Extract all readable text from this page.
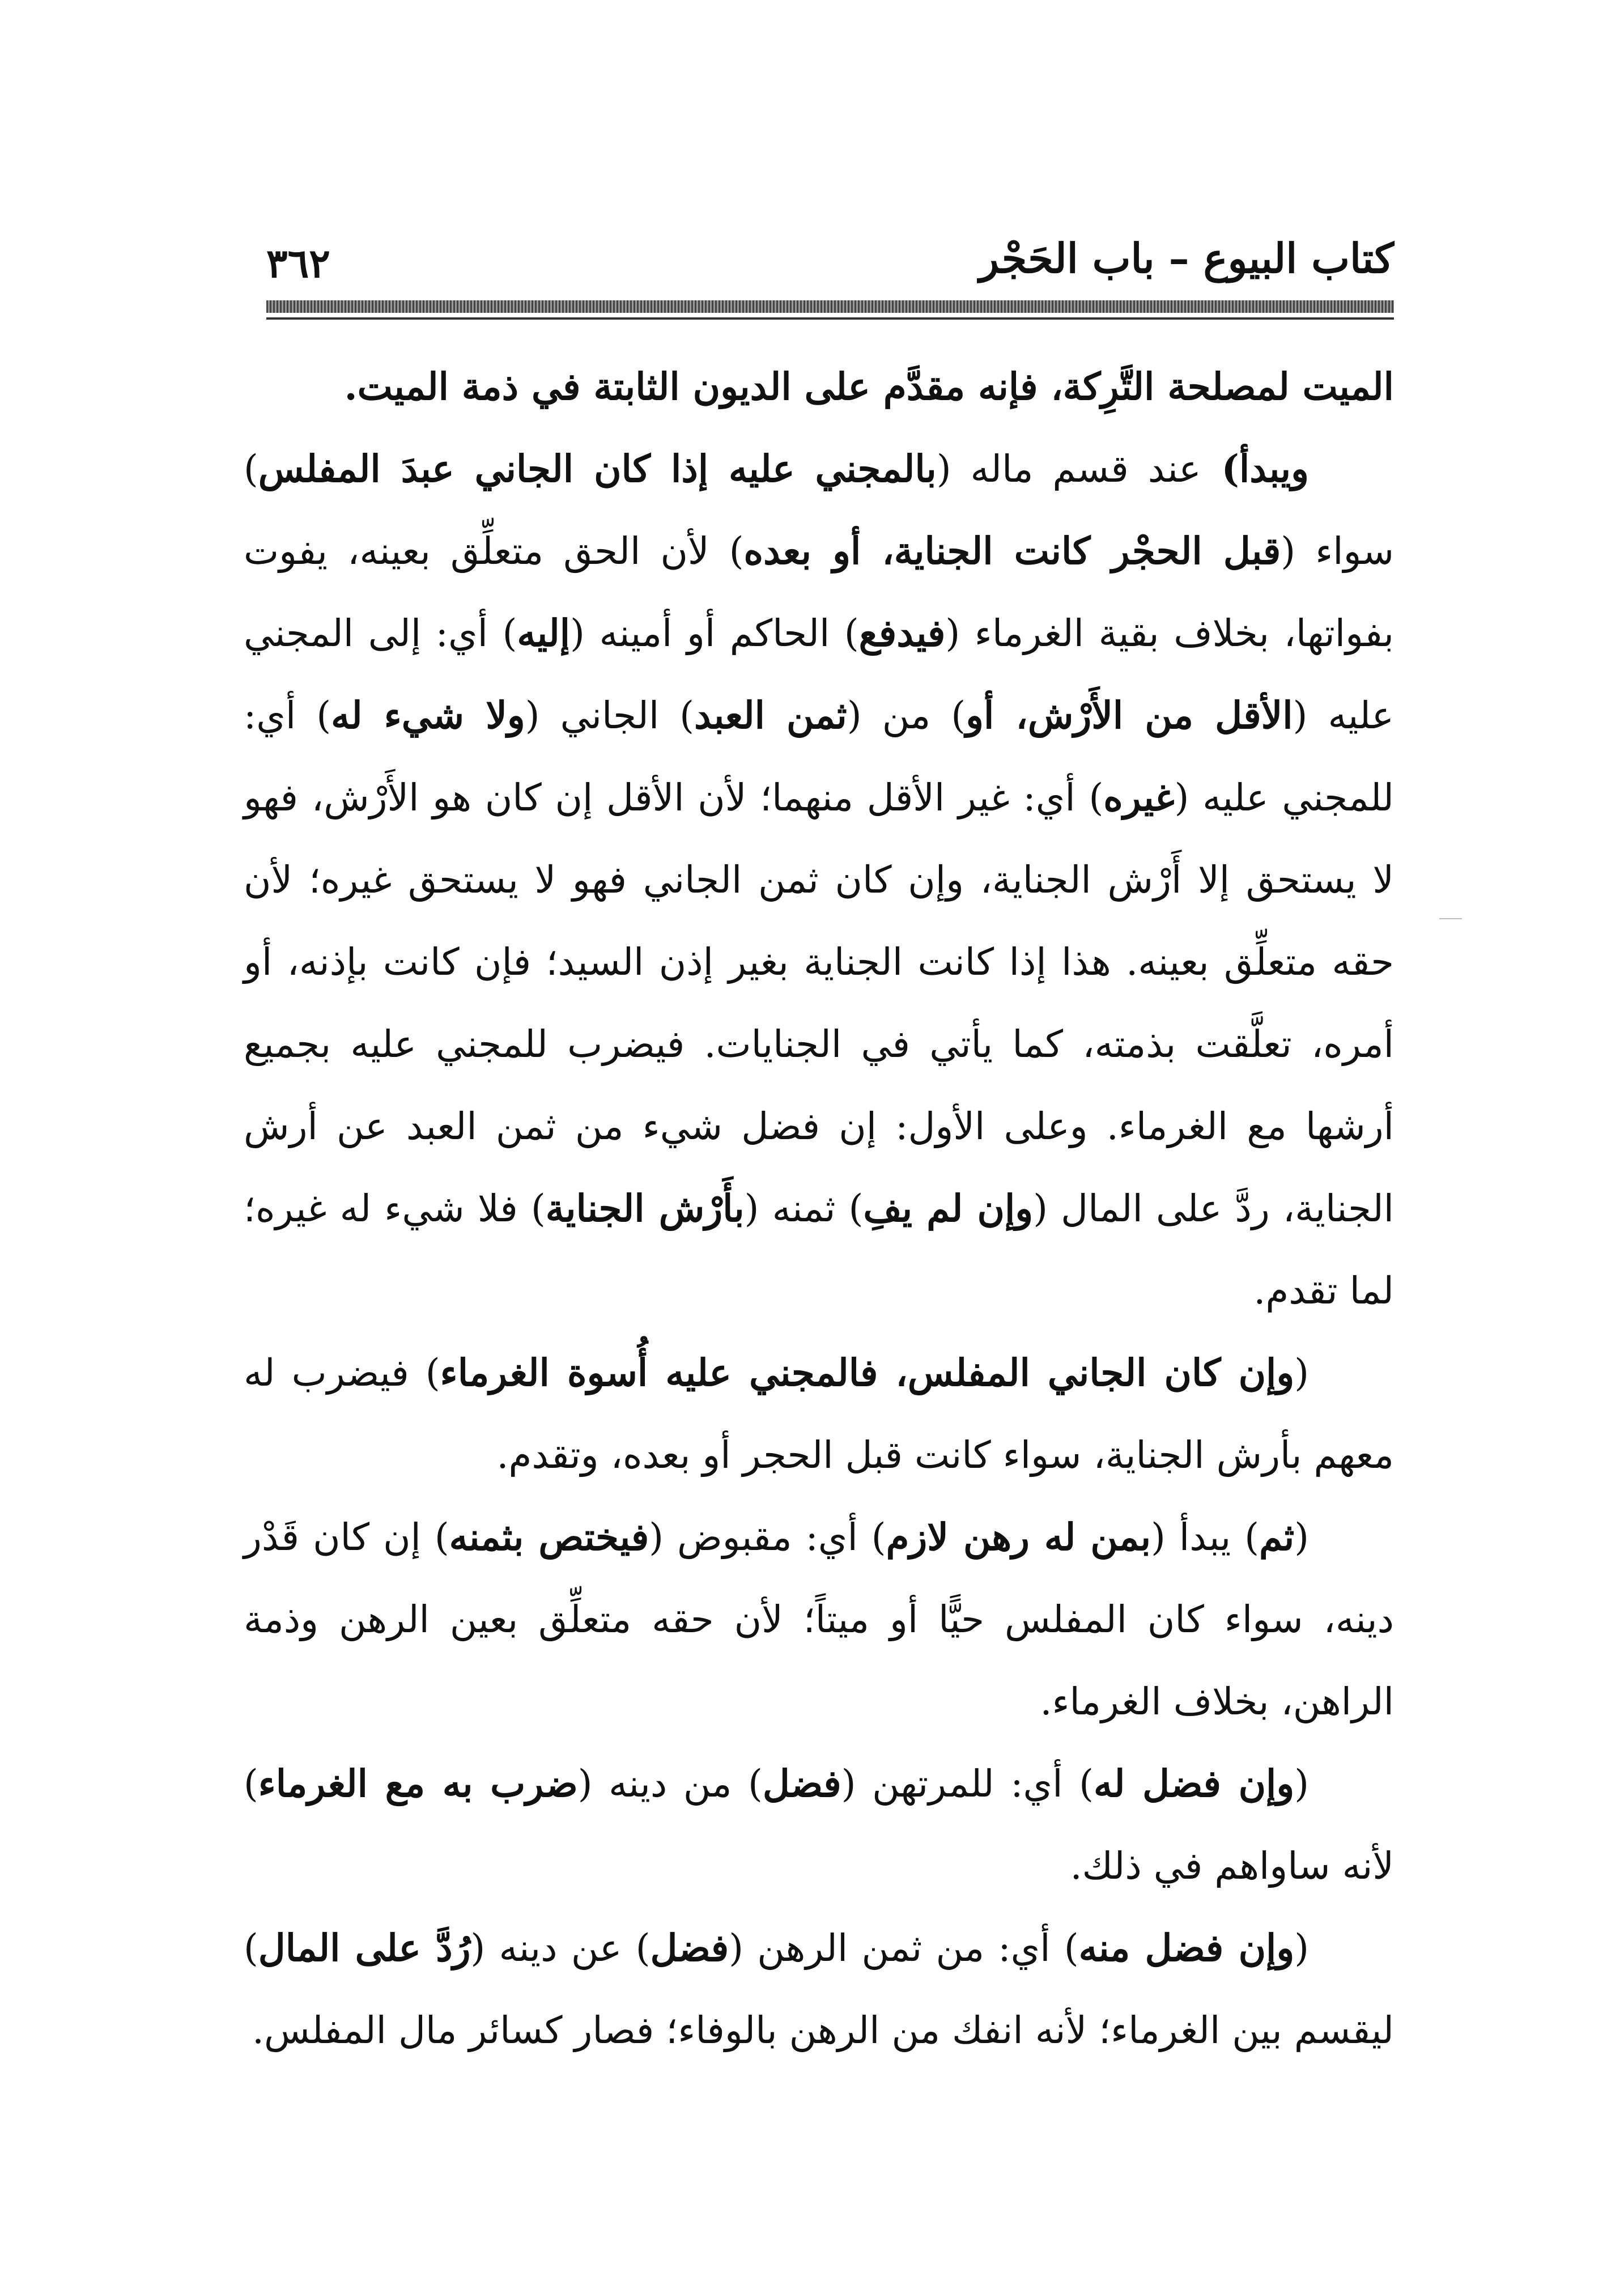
كتاب البيوع – باب الحَجْر
٣٦٢

الميت لمصلحة التَّرِكة، فإنه مقدَّم على الديون الثابتة في ذمة الميت.

ويبدأ) عند قسم ماله (بالمجني عليه إذا كان الجاني عبدَ المفلس) سواء (قبل الحجْر كانت الجناية، أو بعده) لأن الحق متعلِّق بعينه، يفوت بفواتها، بخلاف بقية الغرماء (فيدفع) الحاكم أو أمينه (إليه) أي: إلى المجني عليه (الأقل من الأَرْش، أو) من (ثمن العبد) الجاني (ولا شيء له) أي: للمجني عليه (غيره) أي: غير الأقل منهما؛ لأن الأقل إن كان هو الأَرْش، فهو لا يستحق إلا أَرْش الجناية، وإن كان ثمن الجاني فهو لا يستحق غيره؛ لأن حقه متعلِّق بعينه. هذا إذا كانت الجناية بغير إذن السيد؛ فإن كانت بإذنه، أو أمره، تعلَّقت بذمته، كما يأتي في الجنايات. فيضرب للمجني عليه بجميع أرشها مع الغرماء. وعلى الأول: إن فضل شيء من ثمن العبد عن أرش الجناية، ردَّ على المال (وإن لم يفِ) ثمنه (بأَرْش الجناية) فلا شيء له غيره؛ لما تقدم.

(وإن كان الجاني المفلس، فالمجني عليه أُسوة الغرماء) فيضرب له معهم بأرش الجناية، سواء كانت قبل الحجر أو بعده، وتقدم.

(ثم) يبدأ (بمن له رهن لازم) أي: مقبوض (فيختص بثمنه) إن كان قَدْر دينه، سواء كان المفلس حيًّا أو ميتاً؛ لأن حقه متعلِّق بعين الرهن وذمة الراهن، بخلاف الغرماء.

(وإن فضل له) أي: للمرتهن (فضل) من دينه (ضرب به مع الغرماء) لأنه ساواهم في ذلك.

(وإن فضل منه) أي: من ثمن الرهن (فضل) عن دينه (رُدَّ على المال) ليقسم بين الغرماء؛ لأنه انفك من الرهن بالوفاء؛ فصار كسائر مال المفلس.
